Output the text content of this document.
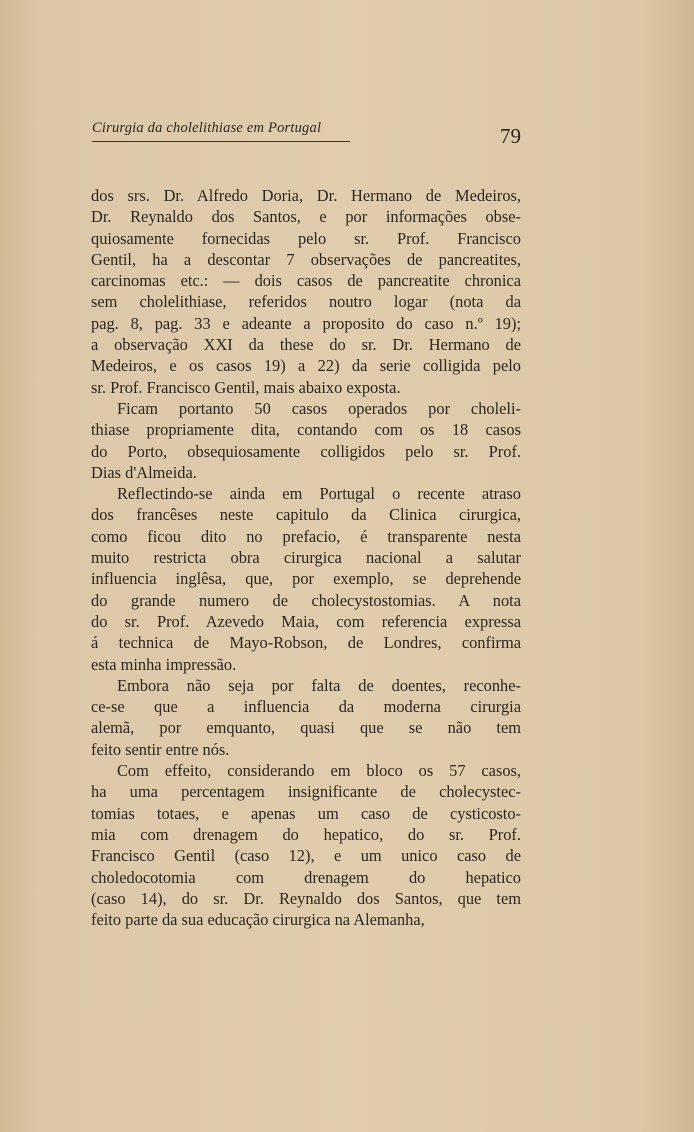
Cirurgia da cholelithiase em Portugal	79
dos srs. Dr. Alfredo Doria, Dr. Hermano de Medeiros,
Dr. Reynaldo dos Santos, e por informações obse-
quiosamente fornecidas pelo sr. Prof. Francisco
Gentil, ha a descontar 7 observações de pancreatites,
carcinomas etc.: — dois casos de pancreatite chronica
sem cholelithiase, referidos noutro logar (nota da
pag. 8, pag. 33 e adeante a proposito do caso n.º 19);
a observação XXI da these do sr. Dr. Hermano de
Medeiros, e os casos 19) a 22) da serie colligida pelo
sr. Prof. Francisco Gentil, mais abaixo exposta.
Ficam portanto 50 casos operados por choleli-
thiase propriamente dita, contando com os 18 casos
do Porto, obsequiosamente colligidos pelo sr. Prof.
Dias d'Almeida.
Reflectindo-se ainda em Portugal o recente atraso
dos francêses neste capitulo da Clinica cirurgica,
como ficou dito no prefacio, é transparente nesta
muito restricta obra cirurgica nacional a salutar
influencia inglêsa, que, por exemplo, se deprehende
do grande numero de cholecystostomias. A nota
do sr. Prof. Azevedo Maia, com referencia expressa
á technica de Mayo-Robson, de Londres, confirma
esta minha impressão.
Embora não seja por falta de doentes, reconhe-
ce-se que a influencia da moderna cirurgia
alemã, por emquanto, quasi que se não tem
feito sentir entre nós.
Com effeito, considerando em bloco os 57 casos,
ha uma percentagem insignificante de cholecystec-
tomias totaes, e apenas um caso de cysticosto-
mia com drenagem do hepatico, do sr. Prof.
Francisco Gentil (caso 12), e um unico caso de
choledocotomia com drenagem do hepatico
(caso 14), do sr. Dr. Reynaldo dos Santos, que tem
feito parte da sua educação cirurgica na Alemanha,
